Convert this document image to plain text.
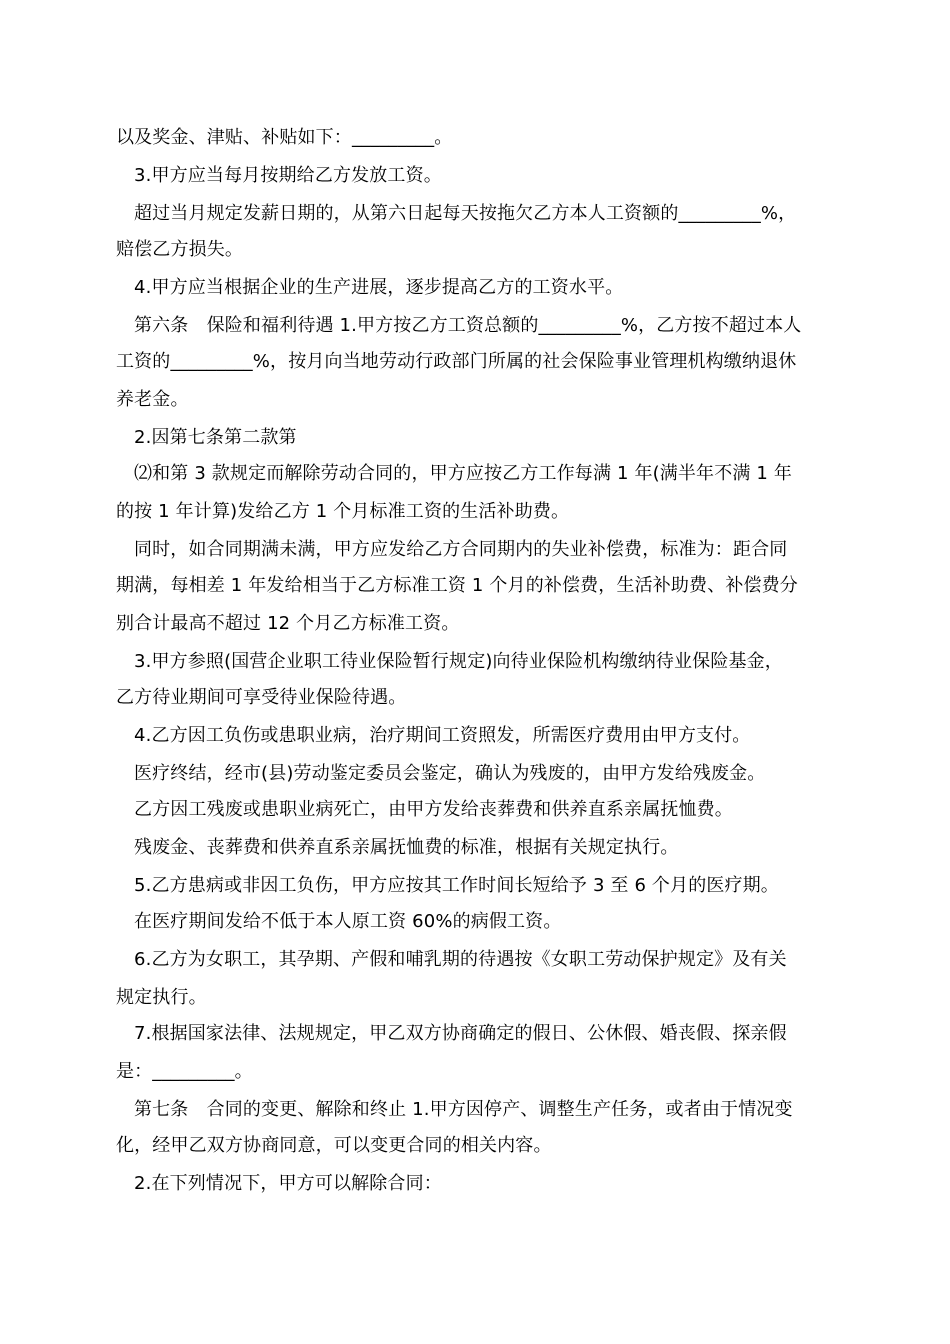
以及奖金、津贴、补贴如下：_________。
3.甲方应当每月按期给乙方发放工资。
超过当月规定发薪日期的，从第六日起每天按拖欠乙方本人工资额的_________%，
赔偿乙方损失。
4.甲方应当根据企业的生产进展，逐步提高乙方的工资水平。
第六条　保险和福利待遇 1.甲方按乙方工资总额的_________%，乙方按不超过本人
工资的_________%，按月向当地劳动行政部门所属的社会保险事业管理机构缴纳退休
养老金。
2.因第七条第二款第
⑵和第 3 款规定而解除劳动合同的，甲方应按乙方工作每满 1 年(满半年不满 1 年
的按 1 年计算)发给乙方 1 个月标准工资的生活补助费。
同时，如合同期满未满，甲方应发给乙方合同期内的失业补偿费，标准为：距合同
期满，每相差 1 年发给相当于乙方标准工资 1 个月的补偿费，生活补助费、补偿费分
别合计最高不超过 12 个月乙方标准工资。
3.甲方参照(国营企业职工待业保险暂行规定)向待业保险机构缴纳待业保险基金，
乙方待业期间可享受待业保险待遇。
4.乙方因工负伤或患职业病，治疗期间工资照发，所需医疗费用由甲方支付。
医疗终结，经市(县)劳动鉴定委员会鉴定，确认为残废的，由甲方发给残废金。
乙方因工残废或患职业病死亡，由甲方发给丧葬费和供养直系亲属抚恤费。
残废金、丧葬费和供养直系亲属抚恤费的标准，根据有关规定执行。
5.乙方患病或非因工负伤，甲方应按其工作时间长短给予 3 至 6 个月的医疗期。
在医疗期间发给不低于本人原工资 60%的病假工资。
6.乙方为女职工，其孕期、产假和哺乳期的待遇按《女职工劳动保护规定》及有关
规定执行。
7.根据国家法律、法规规定，甲乙双方协商确定的假日、公休假、婚丧假、探亲假
是：_________。
第七条　合同的变更、解除和终止 1.甲方因停产、调整生产任务，或者由于情况变
化，经甲乙双方协商同意，可以变更合同的相关内容。
2.在下列情况下，甲方可以解除合同：
